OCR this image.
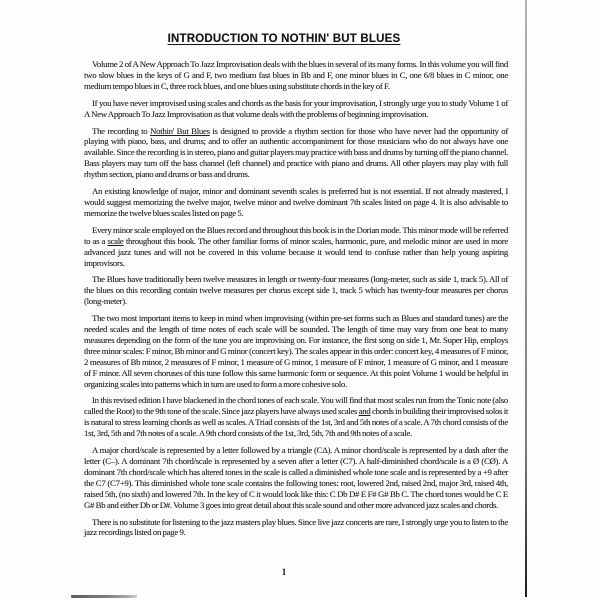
INTRODUCTION TO NOTHIN' BUT BLUES

Volume 2 of A New Approach To Jazz Improvisation deals with the blues in several of its many forms. In this volume you will find two slow blues in the keys of G and F, two medium fast blues in Bb and F, one minor blues in C, one 6/8 blues in C minor, one medium tempo blues in C, three rock blues, and one blues using substitute chords in the key of F.

If you have never improvised using scales and chords as the basis for your improvisation, I strongly urge you to study Volume 1 of A New Approach To Jazz Improvisation as that volume deals with the problems of beginning improvisation.

The recording to Nothin' But Blues is designed to provide a rhythm section for those who have never had the opportunity of playing with piano, bass, and drums; and to offer an authentic accompaniment for those musicians who do not always have one available. Since the recording is in stereo, piano and guitar players may practice with bass and drums by turning off the piano channel. Bass players may turn off the bass channel (left channel) and practice with piano and drums. All other players may play with full rhythm section, piano and drums or bass and drums.

An existing knowledge of major, minor and dominant seventh scales is preferred but is not essential. If not already mastered, I would suggest memorizing the twelve major, twelve minor and twelve dominant 7th scales listed on page 4. It is also advisable to memorize the twelve blues scales listed on page 5.

Every minor scale employed on the Blues record and throughout this book is in the Dorian mode. This minor mode will be referred to as a scale throughout this book. The other familiar forms of minor scales, harmonic, pure, and melodic minor are used in more advanced jazz tunes and will not be covered in this volume because it would tend to confuse rather than help young aspiring improvisors.

The Blues have traditionally been twelve measures in length or twenty-four measures (long-meter, such as side 1, track 5). All of the blues on this recording contain twelve measures per chorus except side 1, track 5 which has twenty-four measures per chorus (long-meter).

The two most important items to keep in mind when improvising (within pre-set forms such as Blues and standard tunes) are the needed scales and the length of time notes of each scale will be sounded. The length of time may vary from one beat to many measures depending on the form of the tune you are improvising on. For instance, the first song on side 1, Mr. Super Hip, employs three minor scales: F minor, Bb minor and G minor (concert key). The scales appear in this order: concert key, 4 measures of F minor, 2 measures of Bb minor, 2 measures of F minor, 1 measure of G minor, 1 measure of F minor, 1 measure of G minor, and 1 measure of F minor. All seven choruses of this tune follow this same harmonic form or sequence. At this point Volume 1 would be helpful in organizing scales into patterns which in turn are used to form a more cohesive solo.

In this revised edition I have blackened in the chord tones of each scale. You will find that most scales run from the Tonic note (also called the Root) to the 9th tone of the scale. Since jazz players have always used scales and chords in building their improvised solos it is natural to stress learning chords as well as scales. A Triad consists of the 1st, 3rd and 5th notes of a scale. A 7th chord consists of the 1st, 3rd, 5th and 7th notes of a scale. A 9th chord consists of the 1st, 3rd, 5th, 7th and 9th notes of a scale.

A major chord/scale is represented by a letter followed by a triangle (CΔ). A minor chord/scale is represented by a dash after the letter (C–). A dominant 7th chord/scale is represented by a seven after a letter (C7). A half-diminished chord/scale is a Ø (CØ). A dominant 7th chord/scale which has altered tones in the scale is called a diminished whole tone scale and is represented by a +9 after the C7 (C7+9). This diminished whole tone scale contains the following tones: root, lowered 2nd, raised 2nd, major 3rd, raised 4th, raised 5th, (no sixth) and lowered 7th. In the key of C it would look like this: C Db D# E F# G# Bb C. The chord tones would be C E G# Bb and either Db or D#. Volume 3 goes into great detail about this scale sound and other more advanced jazz scales and chords.

There is no substitute for listening to the jazz masters play blues. Since live jazz concerts are rare, I strongly urge you to listen to the jazz recordings listed on page 9.

1
